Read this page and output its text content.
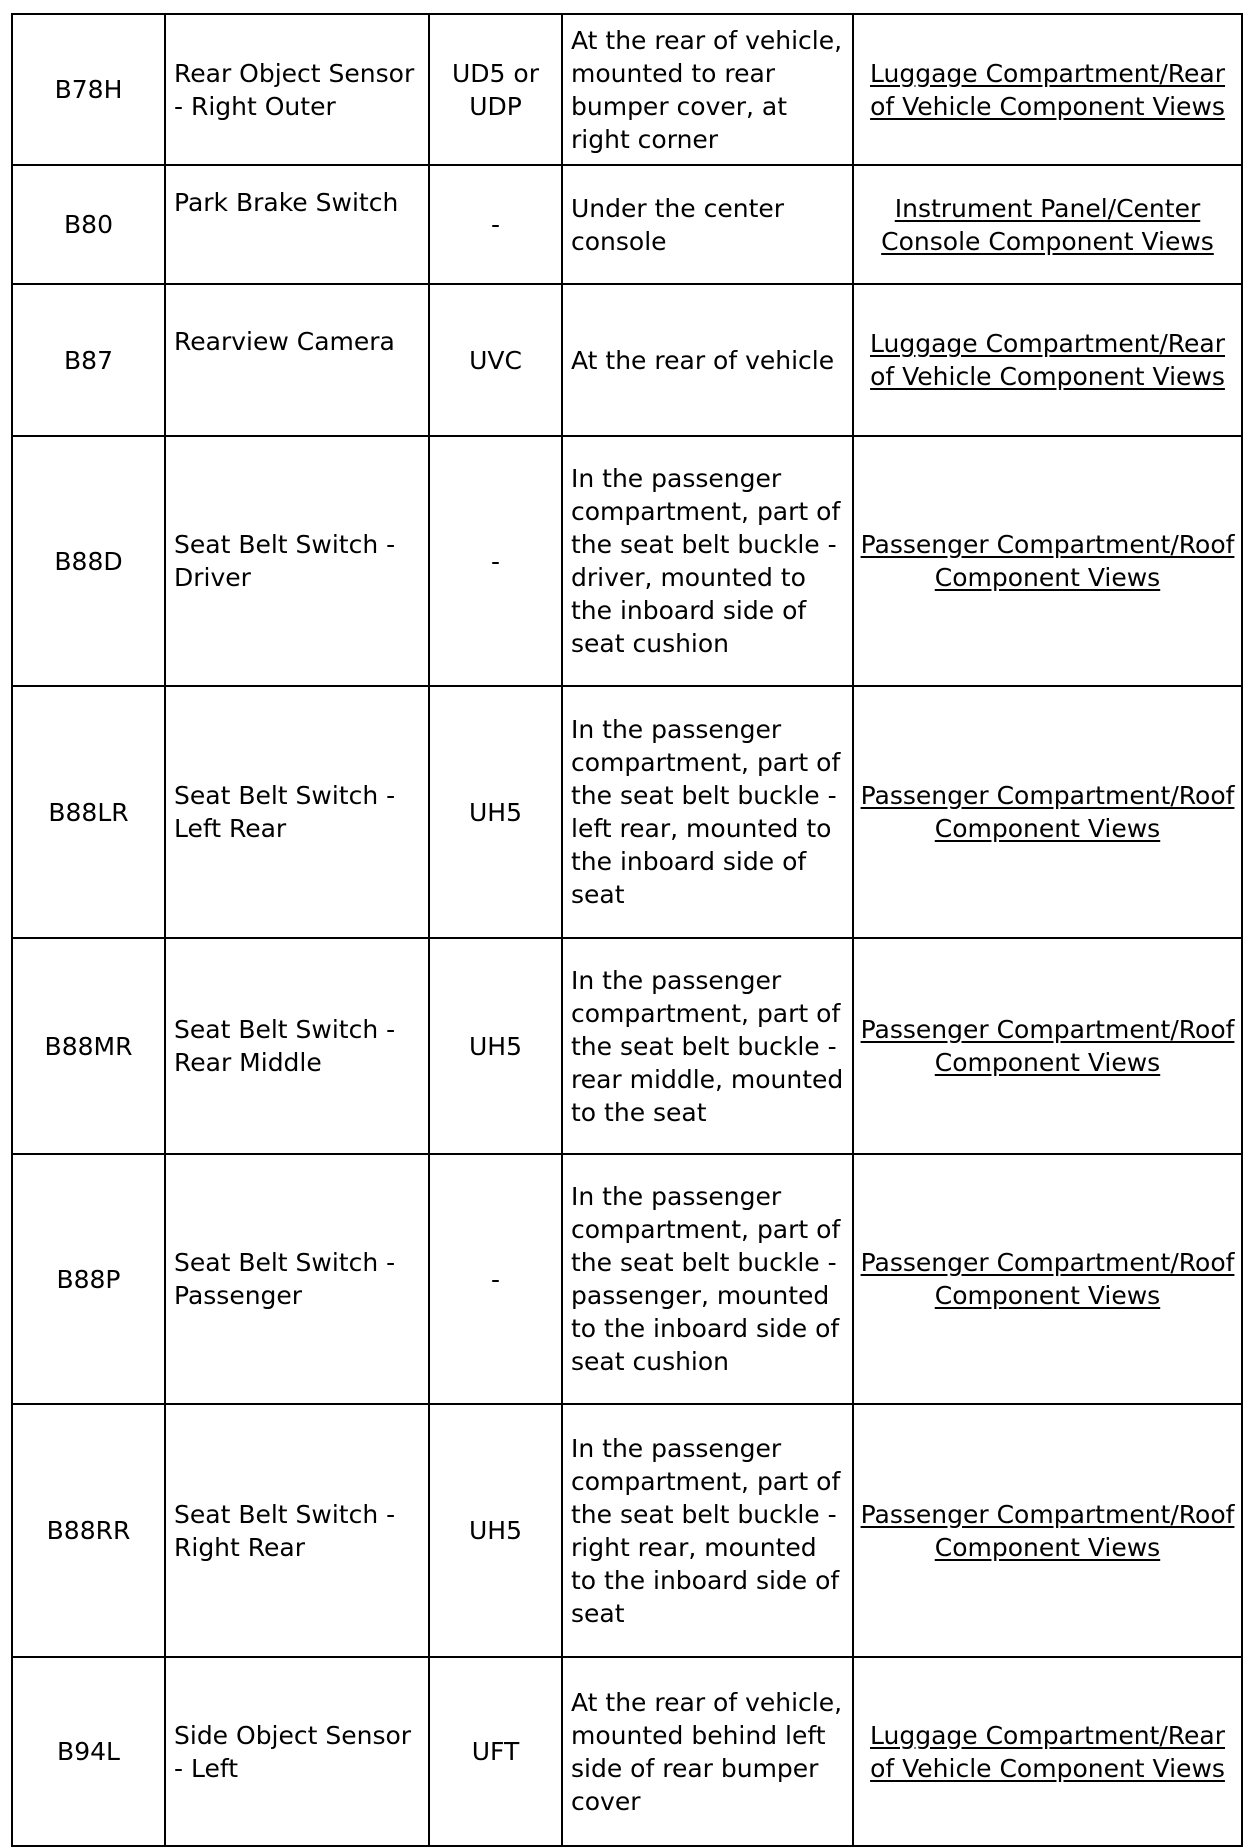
B78H	Rear Object Sensor - Right Outer	UD5 or UDP	At the rear of vehicle, mounted to rear bumper cover, at right corner	Luggage Compartment/Rear of Vehicle Component Views
B80	Park Brake Switch	-	Under the center console	Instrument Panel/Center Console Component Views
B87	Rearview Camera	UVC	At the rear of vehicle	Luggage Compartment/Rear of Vehicle Component Views
B88D	Seat Belt Switch - Driver	-	In the passenger compartment, part of the seat belt buckle - driver, mounted to the inboard side of seat cushion	Passenger Compartment/Roof Component Views
B88LR	Seat Belt Switch - Left Rear	UH5	In the passenger compartment, part of the seat belt buckle - left rear, mounted to the inboard side of seat	Passenger Compartment/Roof Component Views
B88MR	Seat Belt Switch - Rear Middle	UH5	In the passenger compartment, part of the seat belt buckle - rear middle, mounted to the seat	Passenger Compartment/Roof Component Views
B88P	Seat Belt Switch - Passenger	-	In the passenger compartment, part of the seat belt buckle - passenger, mounted to the inboard side of seat cushion	Passenger Compartment/Roof Component Views
B88RR	Seat Belt Switch - Right Rear	UH5	In the passenger compartment, part of the seat belt buckle - right rear, mounted to the inboard side of seat	Passenger Compartment/Roof Component Views
B94L	Side Object Sensor - Left	UFT	At the rear of vehicle, mounted behind left side of rear bumper cover	Luggage Compartment/Rear of Vehicle Component Views
